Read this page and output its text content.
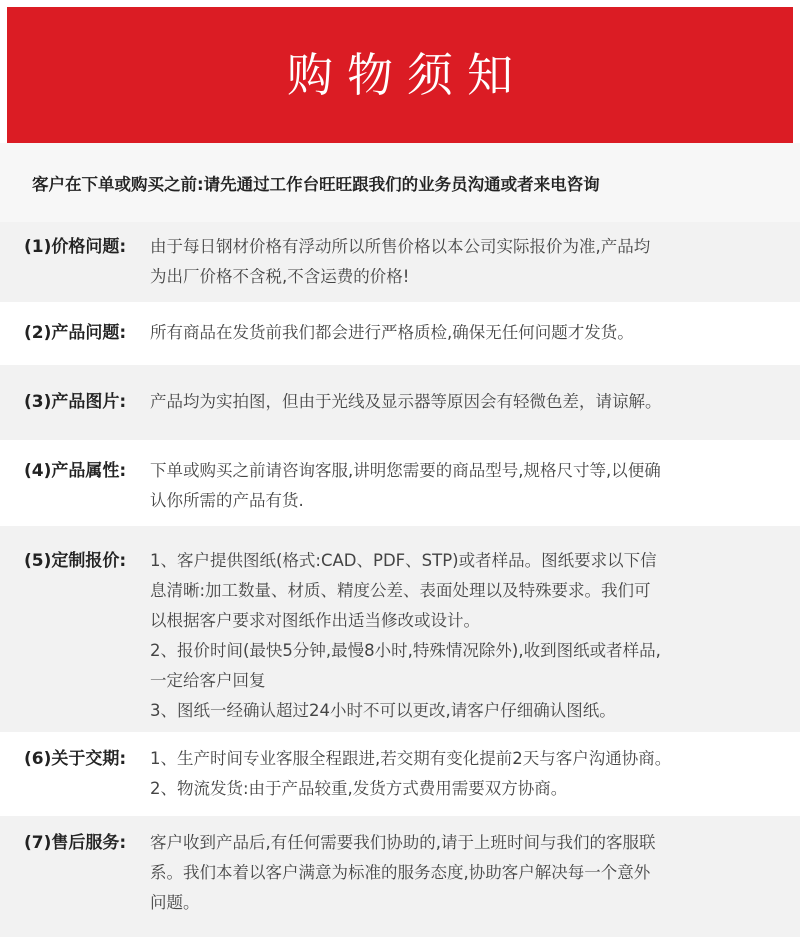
购物须知
客户在下单或购买之前:请先通过工作台旺旺跟我们的业务员沟通或者来电咨询
(1)价格问题:	由于每日钢材价格有浮动所以所售价格以本公司实际报价为准,产品均
为出厂价格不含税,不含运费的价格!
(2)产品问题:	所有商品在发货前我们都会进行严格质检,确保无任何问题才发货。
(3)产品图片:	产品均为实拍图，但由于光线及显示器等原因会有轻微色差，请谅解。
(4)产品属性:	下单或购买之前请咨询客服,讲明您需要的商品型号,规格尺寸等,以便确
认你所需的产品有货.
(5)定制报价:	1、客户提供图纸(格式:CAD、PDF、STP)或者样品。图纸要求以下信
息清晰:加工数量、材质、精度公差、表面处理以及特殊要求。我们可
以根据客户要求对图纸作出适当修改或设计。
2、报价时间(最快5分钟,最慢8小时,特殊情况除外),收到图纸或者样品,
一定给客户回复
3、图纸一经确认超过24小时不可以更改,请客户仔细确认图纸。
(6)关于交期:	1、生产时间专业客服全程跟进,若交期有变化提前2天与客户沟通协商。
2、物流发货:由于产品较重,发货方式费用需要双方协商。
(7)售后服务:	客户收到产品后,有任何需要我们协助的,请于上班时间与我们的客服联
系。我们本着以客户满意为标准的服务态度,协助客户解决每一个意外
问题。
